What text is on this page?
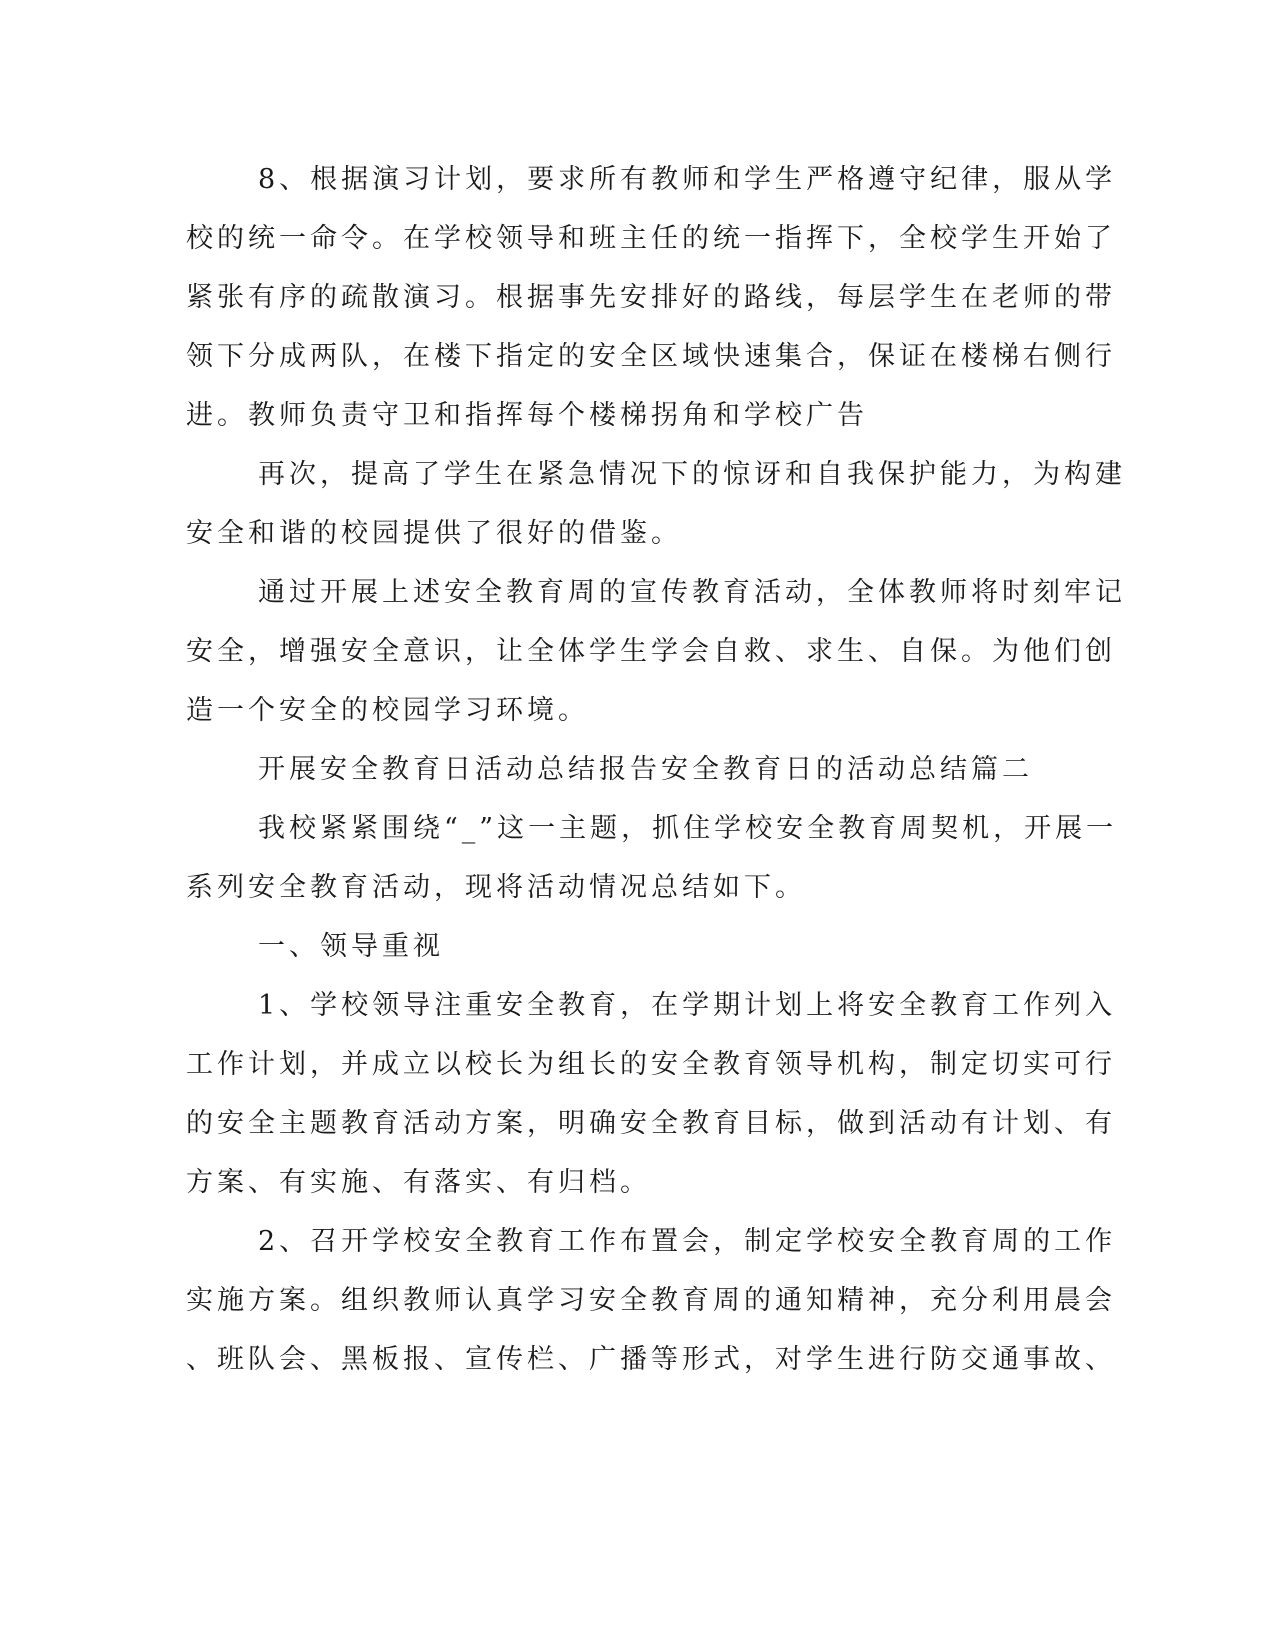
8、根据演习计划，要求所有教师和学生严格遵守纪律，服从学
校的统一命令。在学校领导和班主任的统一指挥下，全校学生开始了
紧张有序的疏散演习。根据事先安排好的路线，每层学生在老师的带
领下分成两队，在楼下指定的安全区域快速集合，保证在楼梯右侧行
进。教师负责守卫和指挥每个楼梯拐角和学校广告
再次，提高了学生在紧急情况下的惊讶和自我保护能力，为构建
安全和谐的校园提供了很好的借鉴。
通过开展上述安全教育周的宣传教育活动，全体教师将时刻牢记
安全，增强安全意识，让全体学生学会自救、求生、自保。为他们创
造一个安全的校园学习环境。
开展安全教育日活动总结报告安全教育日的活动总结篇二
我校紧紧围绕“_”这一主题，抓住学校安全教育周契机，开展一
系列安全教育活动，现将活动情况总结如下。
一、领导重视
1、学校领导注重安全教育，在学期计划上将安全教育工作列入
工作计划，并成立以校长为组长的安全教育领导机构，制定切实可行
的安全主题教育活动方案，明确安全教育目标，做到活动有计划、有
方案、有实施、有落实、有归档。
2、召开学校安全教育工作布置会，制定学校安全教育周的工作
实施方案。组织教师认真学习安全教育周的通知精神，充分利用晨会
、班队会、黑板报、宣传栏、广播等形式，对学生进行防交通事故、
